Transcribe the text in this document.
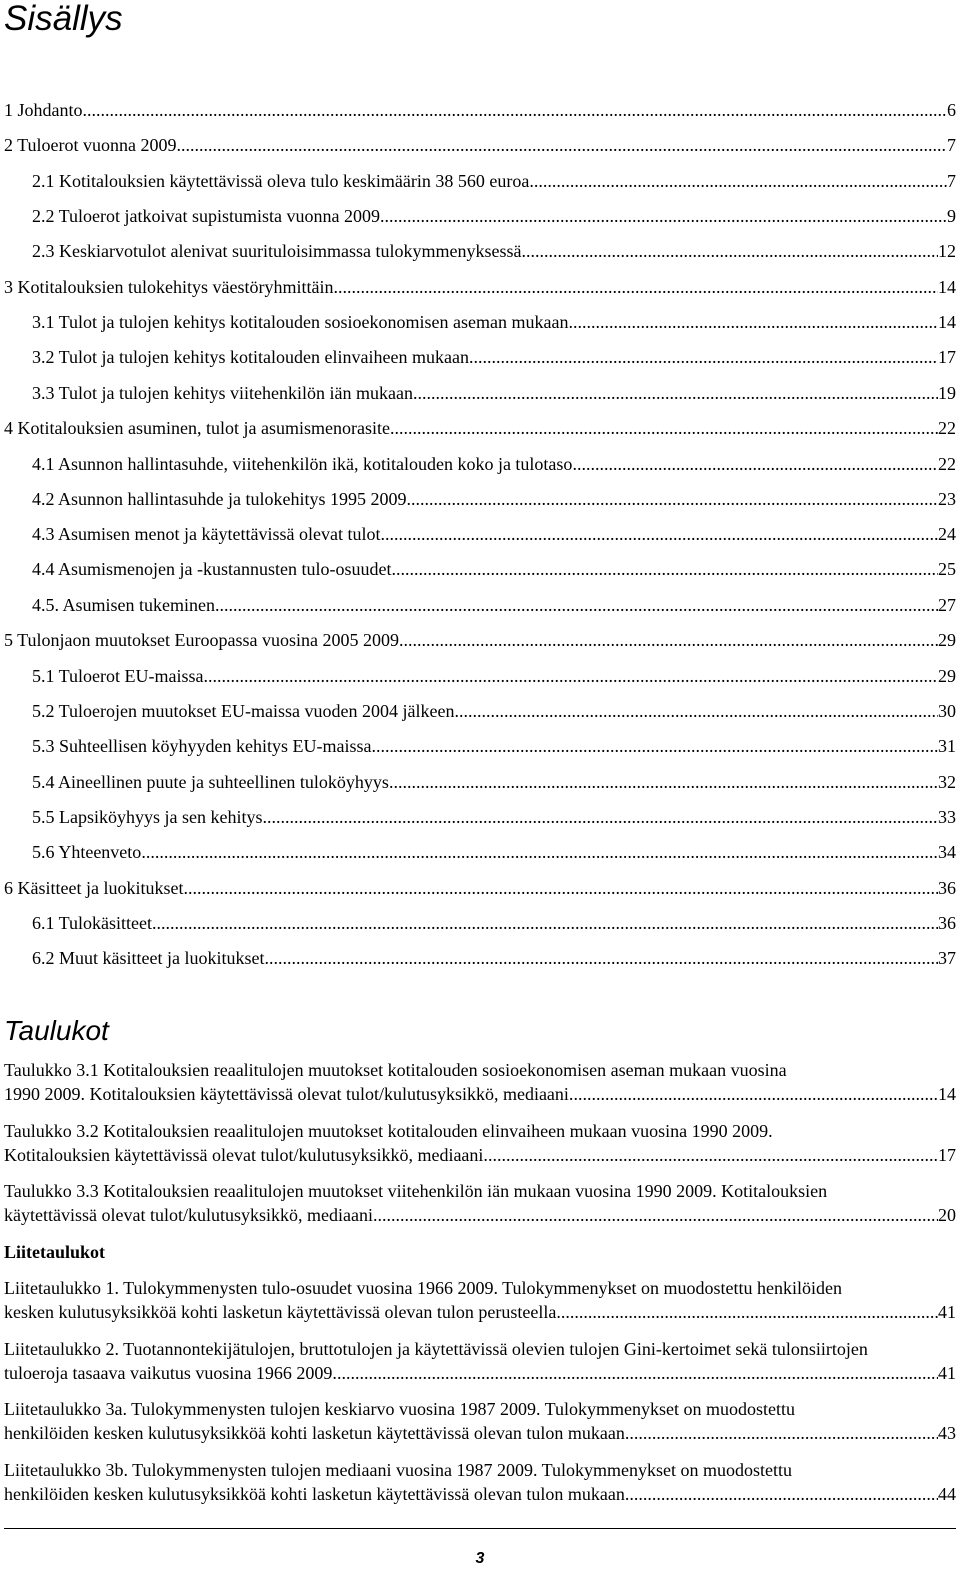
Sisällys
1 Johdanto .....	6
2 Tuloerot vuonna 2009 .....	7
2.1 Kotitalouksien käytettävissä oleva tulo keskimäärin 38 560 euroa .....	7
2.2 Tuloerot jatkoivat supistumista vuonna 2009 .....	9
2.3 Keskiarvotulot alenivat suurituloisimmassa tulokymmenyksessä .....	12
3 Kotitalouksien tulokehitys väestöryhmittäin .....	14
3.1 Tulot ja tulojen kehitys kotitalouden sosioekonomisen aseman mukaan .....	14
3.2 Tulot ja tulojen kehitys kotitalouden elinvaiheen mukaan .....	17
3.3 Tulot ja tulojen kehitys viitehenkilön iän mukaan .....	19
4 Kotitalouksien asuminen, tulot ja asumismenorasite .....	22
4.1 Asunnon hallintasuhde, viitehenkilön ikä, kotitalouden koko ja tulotaso .....	22
4.2 Asunnon hallintasuhde ja tulokehitys 1995 2009 .....	23
4.3 Asumisen menot ja käytettävissä olevat tulot .....	24
4.4 Asumismenojen ja -kustannusten tulo-osuudet .....	25
4.5. Asumisen tukeminen .....	27
5 Tulonjaon muutokset Euroopassa vuosina 2005 2009 .....	29
5.1 Tuloerot EU-maissa .....	29
5.2 Tuloerojen muutokset EU-maissa vuoden 2004 jälkeen .....	30
5.3 Suhteellisen köyhyyden kehitys EU-maissa .....	31
5.4 Aineellinen puute ja suhteellinen tuloköyhyys .....	32
5.5 Lapsiköyhyys ja sen kehitys .....	33
5.6 Yhteenveto .....	34
6 Käsitteet ja luokitukset .....	36
6.1 Tulokäsitteet .....	36
6.2 Muut käsitteet ja luokitukset .....	37
Taulukot
Taulukko 3.1 Kotitalouksien reaalitulojen muutokset kotitalouden sosioekonomisen aseman mukaan vuosina
1990 2009. Kotitalouksien käytettävissä olevat tulot/kulutusyksikkö, mediaani. .....	14
Taulukko 3.2 Kotitalouksien reaalitulojen muutokset kotitalouden elinvaiheen mukaan vuosina 1990 2009.
Kotitalouksien käytettävissä olevat tulot/kulutusyksikkö, mediaani. .....	17
Taulukko 3.3 Kotitalouksien reaalitulojen muutokset viitehenkilön iän mukaan vuosina 1990 2009. Kotitalouksien
käytettävissä olevat tulot/kulutusyksikkö, mediaani. .....	20
Liitetaulukot
Liitetaulukko 1. Tulokymmenysten tulo-osuudet vuosina 1966 2009. Tulokymmenykset on muodostettu henkilöiden
kesken kulutusyksikköä kohti lasketun käytettävissä olevan tulon perusteella. .....	41
Liitetaulukko 2. Tuotannontekijätulojen, bruttotulojen ja käytettävissä olevien tulojen Gini-kertoimet sekä tulonsiirtojen
tuloeroja tasaava vaikutus vuosina 1966 2009. .....	41
Liitetaulukko 3a. Tulokymmenysten tulojen keskiarvo vuosina 1987 2009. Tulokymmenykset on muodostettu
henkilöiden kesken kulutusyksikköä kohti lasketun käytettävissä olevan tulon mukaan. .....	43
Liitetaulukko 3b. Tulokymmenysten tulojen mediaani vuosina 1987 2009. Tulokymmenykset on muodostettu
henkilöiden kesken kulutusyksikköä kohti lasketun käytettävissä olevan tulon mukaan. .....	44
3
